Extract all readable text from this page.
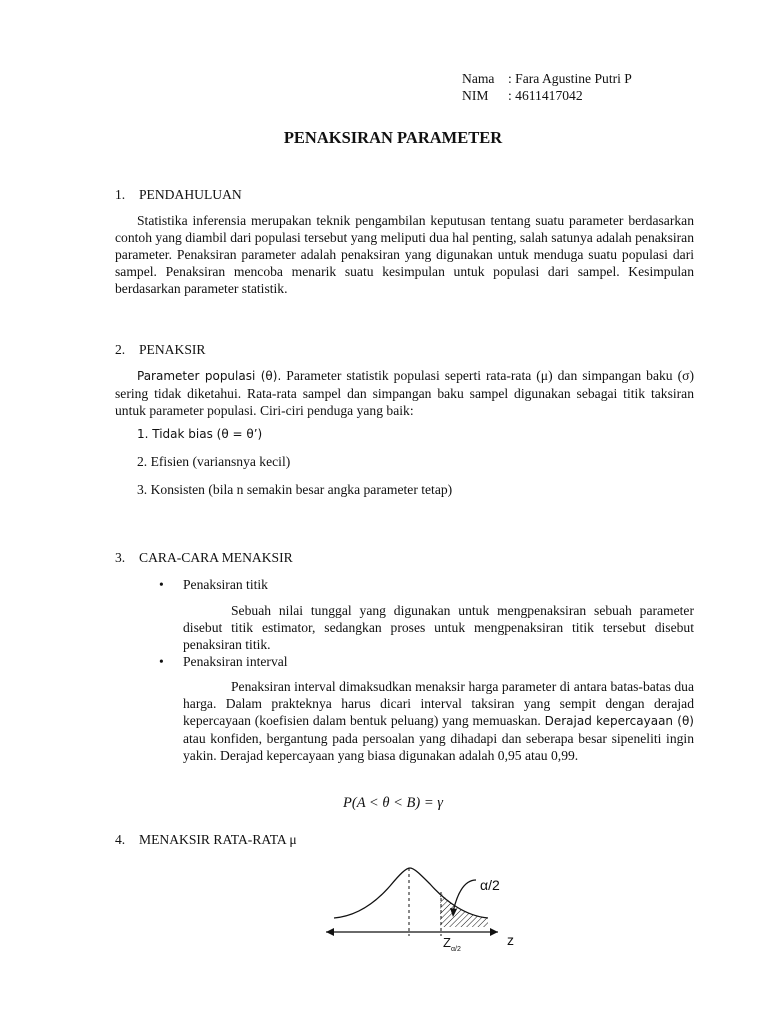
Nama : Fara Agustine Putri P
NIM	: 4611417042
PENAKSIRAN PARAMETER
1. PENDAHULUAN
Statistika inferensia merupakan teknik pengambilan keputusan tentang suatu parameter berdasarkan contoh yang diambil dari populasi tersebut yang meliputi dua hal penting, salah satunya adalah penaksiran parameter. Penaksiran parameter adalah penaksiran yang digunakan untuk menduga suatu populasi dari sampel. Penaksiran mencoba menarik suatu kesimpulan untuk populasi dari sampel. Kesimpulan berdasarkan parameter statistik.
2. PENAKSIR
Parameter populasi (θ). Parameter statistik populasi seperti rata-rata (μ) dan simpangan baku (σ) sering tidak diketahui. Rata-rata sampel dan simpangan baku sampel digunakan sebagai titik taksiran untuk parameter populasi. Ciri-ciri penduga yang baik:
1. Tidak bias (θ = θ’)
2. Efisien (variansnya kecil)
3. Konsisten (bila n semakin besar angka parameter tetap)
3. CARA-CARA MENAKSIR
• Penaksiran titik
Sebuah nilai tunggal yang digunakan untuk mengpenaksiran sebuah parameter disebut titik estimator, sedangkan proses untuk mengpenaksiran titik tersebut disebut penaksiran titik.
• Penaksiran interval
Penaksiran interval dimaksudkan menaksir harga parameter di antara batas-batas dua harga. Dalam prakteknya harus dicari interval taksiran yang sempit dengan derajad kepercayaan (koefisien dalam bentuk peluang) yang memuaskan. Derajad kepercayaan (θ) atau konfiden, bergantung pada persoalan yang dihadapi dan seberapa besar sipeneliti ingin yakin. Derajad kepercayaan yang biasa digunakan adalah 0,95 atau 0,99.
P(A < θ < B) = γ
4. MENAKSIR RATA-RATA μ
α/2
$Z_{\alpha/2}$
z
